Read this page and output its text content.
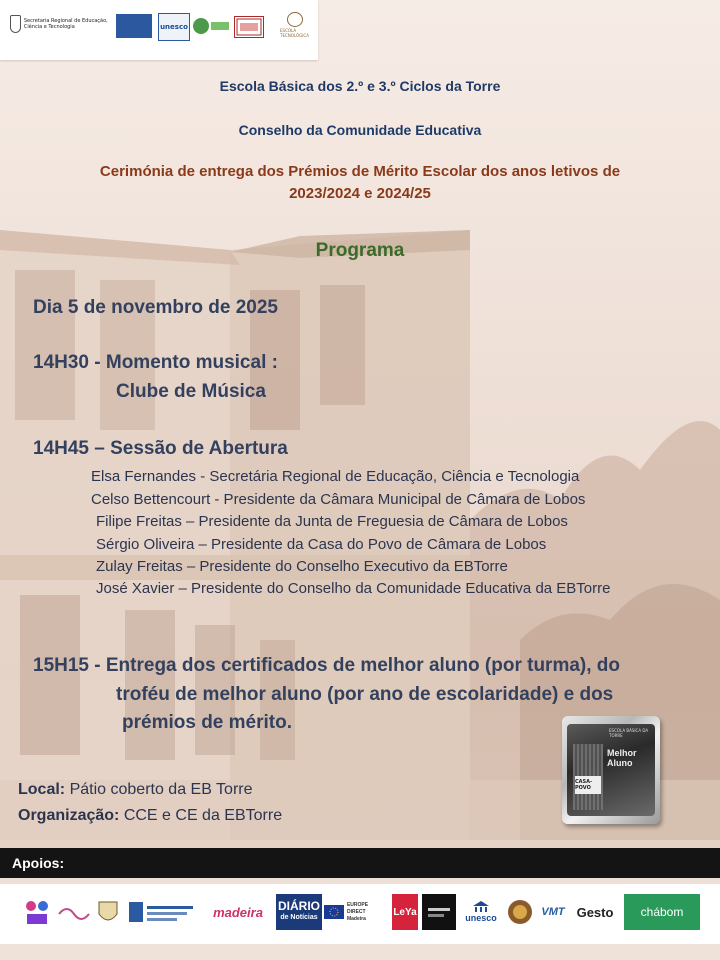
Secretaria Regional de Educação, Ciência e Tecnologia	unesco	ESCOLA TECNOLÓGICA
Escola Básica dos 2.º e 3.º Ciclos da Torre
Conselho da Comunidade Educativa
Cerimónia de entrega dos Prémios de Mérito Escolar dos anos letivos de
2023/2024 e 2024/25
Programa
Dia 5 de novembro de 2025
14H30 - Momento musical :
Clube de Música
14H45 – Sessão de Abertura
Elsa Fernandes - Secretária Regional de Educação, Ciência e Tecnologia
Celso Bettencourt - Presidente da Câmara Municipal de Câmara de Lobos
Filipe Freitas – Presidente da Junta de Freguesia de Câmara de Lobos
Sérgio Oliveira – Presidente da Casa do Povo de Câmara de Lobos
Zulay Freitas – Presidente do Conselho Executivo da EBTorre
José Xavier – Presidente do Conselho da Comunidade Educativa da EBTorre
15H15 - Entrega dos certificados de melhor aluno (por turma), do
troféu de melhor aluno (por ano de escolaridade) e dos
prémios de mérito.	ESCOLA BÁSICA DA TORRE
Melhor Aluno
CASA-POVO
Local: Pátio coberto da EB Torre
Organização: CCE e CE da EBTorre
Apoios:
madeira	DIÁRIO
de Notícias
EUROPE DIRECT
Madeira
LeYa
unesco	VMT Gesto	chábom
